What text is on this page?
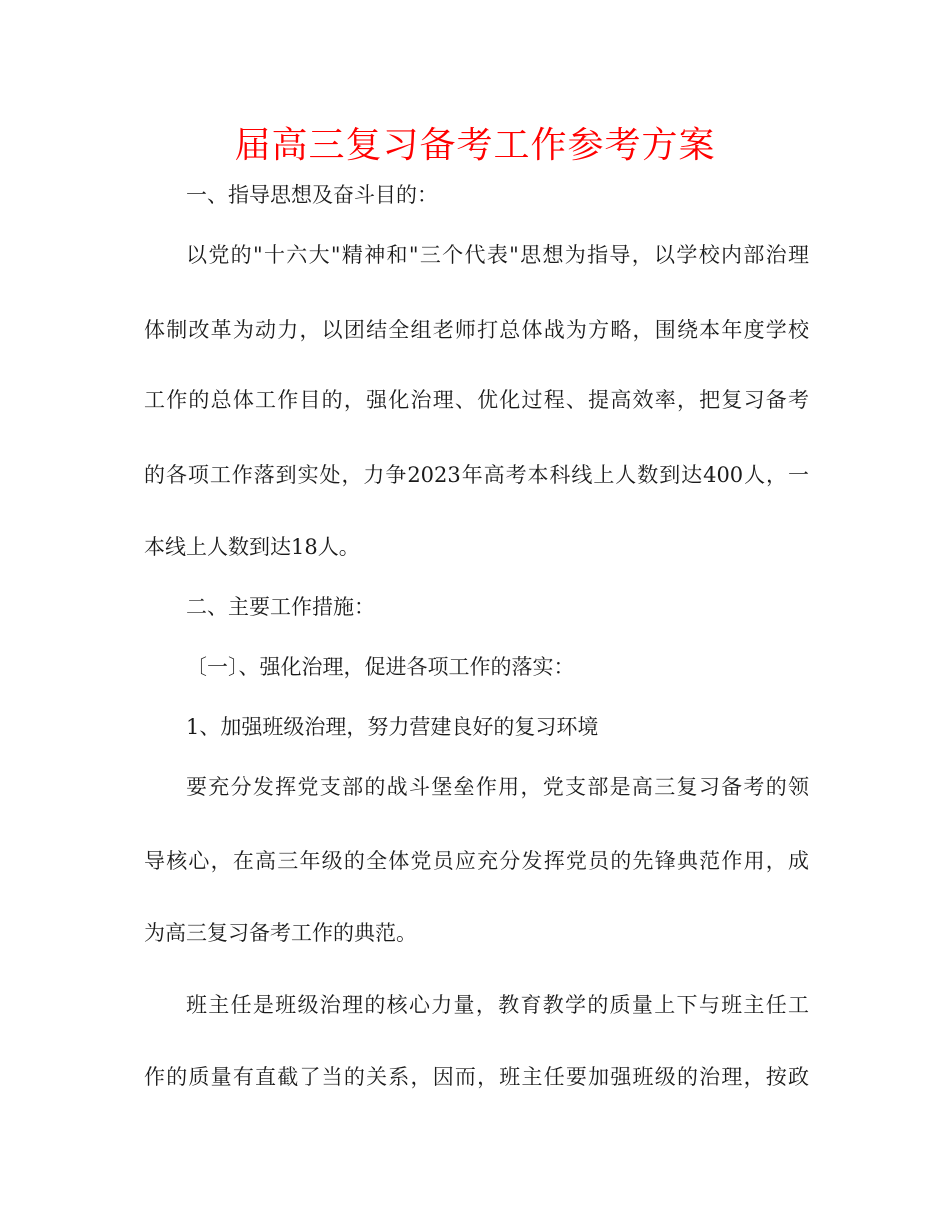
届高三复习备考工作参考方案

一、指导思想及奋斗目的：

以党的"十六大"精神和"三个代表"思想为指导，以学校内部治理

体制改革为动力，以团结全组老师打总体战为方略，围绕本年度学校

工作的总体工作目的，强化治理、优化过程、提高效率，把复习备考

的各项工作落到实处，力争2023年高考本科线上人数到达400人，一

本线上人数到达18人。

二、主要工作措施：

〔一〕、强化治理，促进各项工作的落实：

1、加强班级治理，努力营建良好的复习环境

要充分发挥党支部的战斗堡垒作用，党支部是高三复习备考的领

导核心，在高三年级的全体党员应充分发挥党员的先锋典范作用，成

为高三复习备考工作的典范。

班主任是班级治理的核心力量，教育教学的质量上下与班主任工

作的质量有直截了当的关系，因而，班主任要加强班级的治理，按政
